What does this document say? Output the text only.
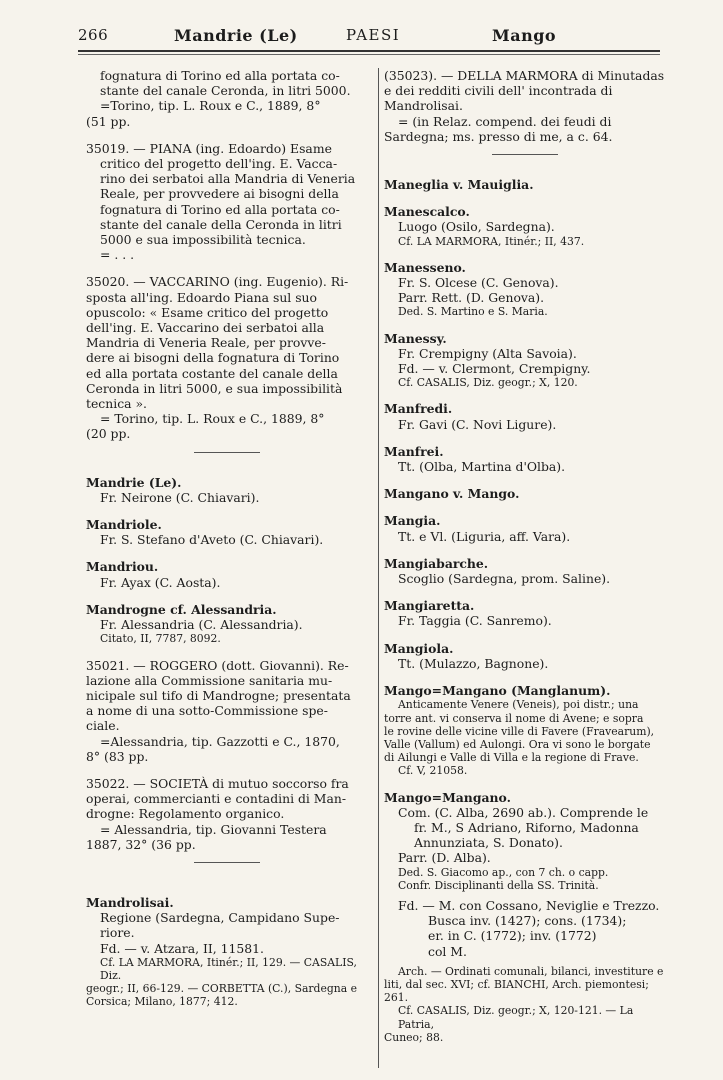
266	Mandrie (Le)	PAESI	Mango

fognatura di Torino ed alla portata co-

stante del canale Ceronda, in litri 5000.

=Torino, tip. L. Roux e C., 1889, 8°

(51 pp.

35019. — PIANA (ing. Edoardo) Esame

critico del progetto dell'ing. E. Vacca-

rino dei serbatoi alla Mandria di Veneria

Reale, per provvedere ai bisogni della

fognatura di Torino ed alla portata co-

stante del canale della Ceronda in litri

5000 e sua impossibilità tecnica.

= . . .

35020. — VACCARINO (ing. Eugenio). Ri-

sposta all'ing. Edoardo Piana sul suo

opuscolo: « Esame critico del progetto

dell'ing. E. Vaccarino dei serbatoi alla

Mandria di Veneria Reale, per provve-

dere ai bisogni della fognatura di Torino

ed alla portata costante del canale della

Ceronda in litri 5000, e sua impossibilità

tecnica ».

= Torino, tip. L. Roux e C., 1889, 8°

(20 pp.

Mandrie (Le).

Fr. Neirone (C. Chiavari).

Mandriole.

Fr. S. Stefano d'Aveto (C. Chiavari).

Mandriou.

Fr. Ayax (C. Aosta).

Mandrogne cf. Alessandria.

Fr. Alessandria (C. Alessandria).

Citato, II, 7787, 8092.

35021. — ROGGERO (dott. Giovanni). Re-

lazione alla Commissione sanitaria mu-

nicipale sul tifo di Mandrogne; presentata

a nome di una sotto-Commissione spe-

ciale.

=Alessandria, tip. Gazzotti e C., 1870,

8° (83 pp.

35022. — SOCIETÀ di mutuo soccorso fra

operai, commercianti e contadini di Man-

drogne: Regolamento organico.

= Alessandria, tip. Giovanni Testera

1887, 32° (36 pp.

Mandrolisai.

Regione (Sardegna, Campidano Supe-

riore.

Fd. — v. Atzara, II, 11581.

Cf. LA MARMORA, Itinér.; II, 129. — CASALIS, Diz.

geogr.; II, 66-129. — CORBETTA (C.), Sardegna e

Corsica; Milano, 1877; 412.

(35023). — DELLA MARMORA di Minutadas

e dei redditi civili dell' incontrada di

Mandrolisai.

= (in Relaz. compend. dei feudi di

Sardegna; ms. presso di me, a c. 64.

Maneglia v. Mauiglia.

Manescalco.

Luogo (Osilo, Sardegna).

Cf. LA MARMORA, Itinér.; II, 437.

Manesseno.

Fr. S. Olcese (C. Genova).

Parr. Rett. (D. Genova).

Ded. S. Martino e S. Maria.

Manessy.

Fr. Crempigny (Alta Savoia).

Fd. — v. Clermont, Crempigny.

Cf. CASALIS, Diz. geogr.; X, 120.

Manfredi.

Fr. Gavi (C. Novi Ligure).

Manfrei.

Tt. (Olba, Martina d'Olba).

Mangano v. Mango.

Mangia.

Tt. e Vl. (Liguria, aff. Vara).

Mangiabarche.

Scoglio (Sardegna, prom. Saline).

Mangiaretta.

Fr. Taggia (C. Sanremo).

Mangiola.

Tt. (Mulazzo, Bagnone).

Mango=Mangano (Manglanum).

Anticamente Venere (Veneis), poi distr.; una

torre ant. vi conserva il nome di Avene; e sopra

le rovine delle vicine ville di Favere (Fravearum),

Valle (Vallum) ed Aulongi. Ora vi sono le borgate

di Ailungi e Valle di Villa e la regione di Frave.

Cf. V, 21058.

Mango=Mangano.

Com. (C. Alba, 2690 ab.). Comprende le

fr. M., S Adriano, Riforno, Madonna

Annunziata, S. Donato).

Parr. (D. Alba).

Ded. S. Giacomo ap., con 7 ch. o capp.

Confr. Disciplinanti della SS. Trinità.

Fd. — M. con Cossano, Neviglie e Trezzo.

Busca inv. (1427); cons. (1734);

er. in C. (1772); inv. (1772)

col M.

Arch. — Ordinati comunali, bilanci, investiture e

liti, dal sec. XVI; cf. BIANCHI, Arch. piemontesi; 261.

Cf. CASALIS, Diz. geogr.; X, 120-121. — La Patria,

Cuneo; 88.
